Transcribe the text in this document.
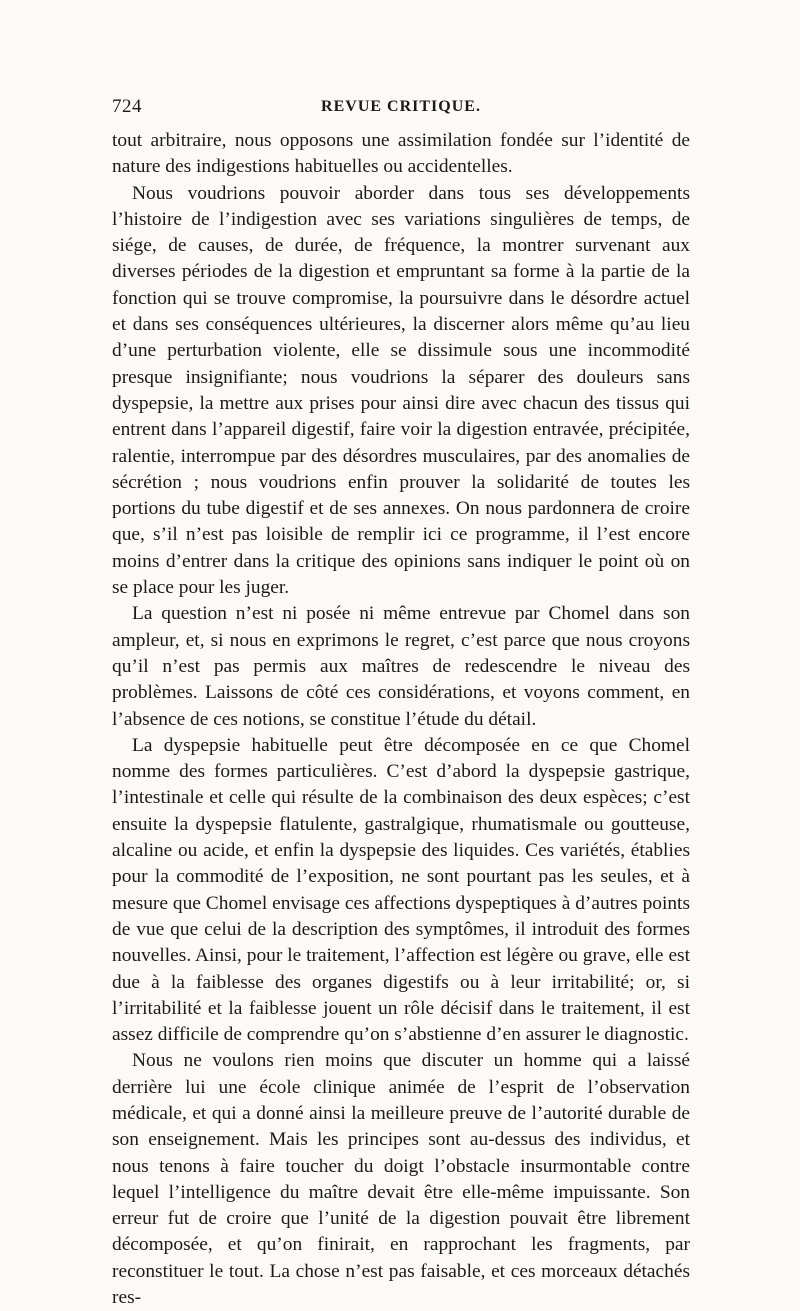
724	REVUE CRITIQUE.

tout arbitraire, nous opposons une assimilation fondée sur l’identité de nature des indigestions habituelles ou accidentelles.

Nous voudrions pouvoir aborder dans tous ses développements l’histoire de l’indigestion avec ses variations singulières de temps, de siége, de causes, de durée, de fréquence, la montrer survenant aux diverses périodes de la digestion et empruntant sa forme à la partie de la fonction qui se trouve compromise, la poursuivre dans le désordre actuel et dans ses conséquences ultérieures, la discerner alors même qu’au lieu d’une perturbation violente, elle se dissimule sous une incommodité presque insignifiante; nous voudrions la séparer des douleurs sans dyspepsie, la mettre aux prises pour ainsi dire avec chacun des tissus qui entrent dans l’appareil digestif, faire voir la digestion entravée, précipitée, ralentie, interrompue par des désordres musculaires, par des anomalies de sécrétion ; nous voudrions enfin prouver la solidarité de toutes les portions du tube digestif et de ses annexes. On nous pardonnera de croire que, s’il n’est pas loisible de remplir ici ce programme, il l’est encore moins d’entrer dans la critique des opinions sans indiquer le point où on se place pour les juger.

La question n’est ni posée ni même entrevue par Chomel dans son ampleur, et, si nous en exprimons le regret, c’est parce que nous croyons qu’il n’est pas permis aux maîtres de redescendre le niveau des problèmes. Laissons de côté ces considérations, et voyons comment, en l’absence de ces notions, se constitue l’étude du détail.

La dyspepsie habituelle peut être décomposée en ce que Chomel nomme des formes particulières. C’est d’abord la dyspepsie gastrique, l’intestinale et celle qui résulte de la combinaison des deux espèces; c’est ensuite la dyspepsie flatulente, gastralgique, rhumatismale ou goutteuse, alcaline ou acide, et enfin la dyspepsie des liquides. Ces variétés, établies pour la commodité de l’exposition, ne sont pourtant pas les seules, et à mesure que Chomel envisage ces affections dyspeptiques à d’autres points de vue que celui de la description des symptômes, il introduit des formes nouvelles. Ainsi, pour le traitement, l’affection est légère ou grave, elle est due à la faiblesse des organes digestifs ou à leur irritabilité; or, si l’irritabilité et la faiblesse jouent un rôle décisif dans le traitement, il est assez difficile de comprendre qu’on s’abstienne d’en assurer le diagnostic.

Nous ne voulons rien moins que discuter un homme qui a laissé derrière lui une école clinique animée de l’esprit de l’observation médicale, et qui a donné ainsi la meilleure preuve de l’autorité durable de son enseignement. Mais les principes sont au-dessus des individus, et nous tenons à faire toucher du doigt l’obstacle insurmontable contre lequel l’intelligence du maître devait être elle-même impuissante. Son erreur fut de croire que l’unité de la digestion pouvait être librement décomposée, et qu’on finirait, en rapprochant les fragments, par reconstituer le tout. La chose n’est pas faisable, et ces morceaux détachés res-
